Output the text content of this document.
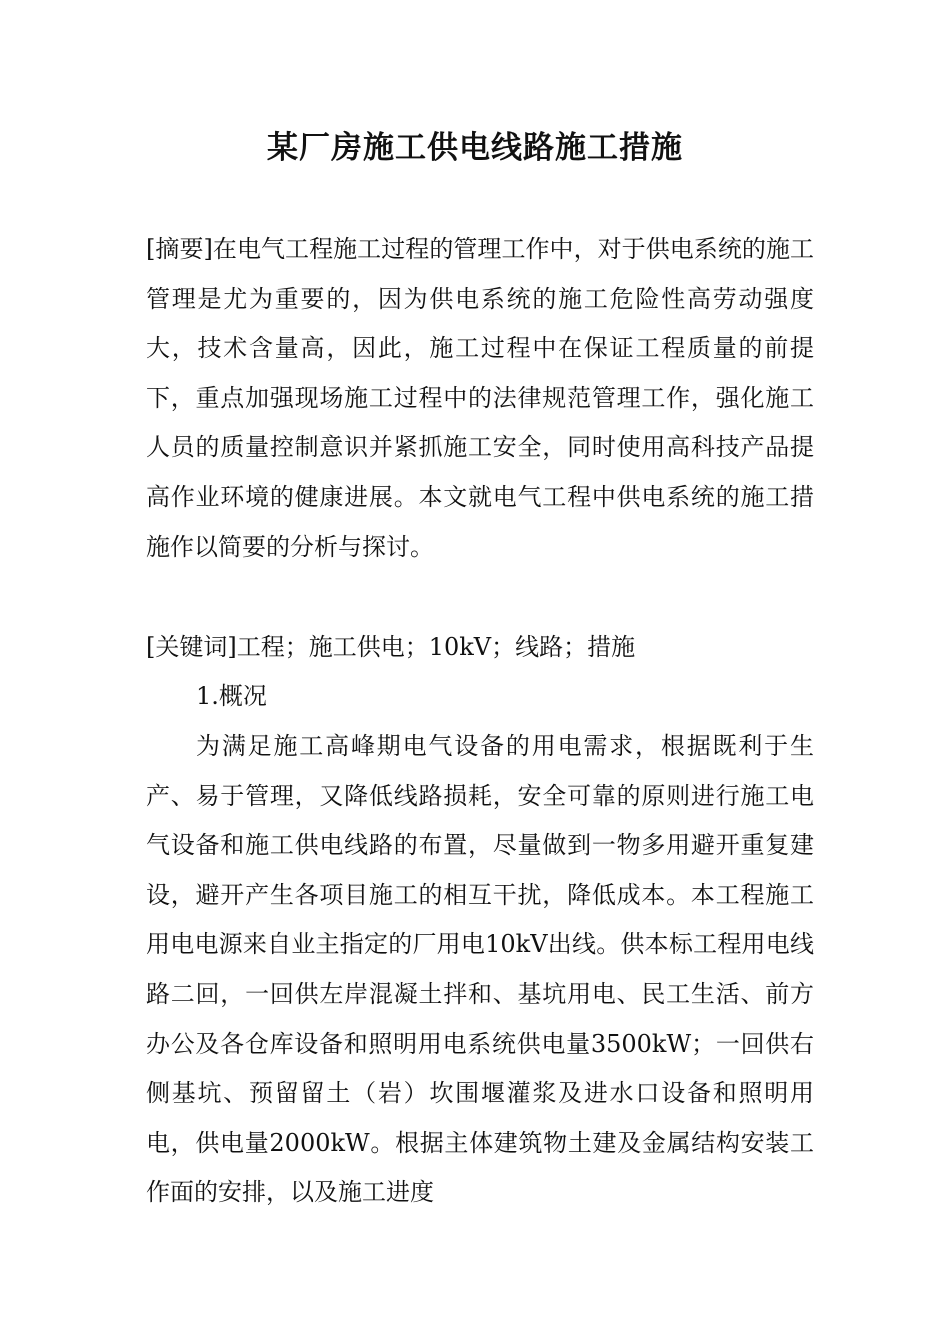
某厂房施工供电线路施工措施

[摘要]在电气工程施工过程的管理工作中，对于供电系统的施工管理是尤为重要的，因为供电系统的施工危险性高劳动强度大，技术含量高，因此，施工过程中在保证工程质量的前提下，重点加强现场施工过程中的法律规范管理工作，强化施工人员的质量控制意识并紧抓施工安全，同时使用高科技产品提高作业环境的健康进展。本文就电气工程中供电系统的施工措施作以简要的分析与探讨。

[关键词]工程；施工供电；10kV；线路；措施

1.概况

为满足施工高峰期电气设备的用电需求，根据既利于生产、易于管理，又降低线路损耗，安全可靠的原则进行施工电气设备和施工供电线路的布置，尽量做到一物多用避开重复建设，避开产生各项目施工的相互干扰，降低成本。本工程施工用电电源来自业主指定的厂用电10kV出线。供本标工程用电线路二回，一回供左岸混凝土拌和、基坑用电、民工生活、前方办公及各仓库设备和照明用电系统供电量3500kW；一回供右侧基坑、预留留土（岩）坎围堰灌浆及进水口设备和照明用电，供电量2000kW。根据主体建筑物土建及金属结构安装工作面的安排，以及施工进度
